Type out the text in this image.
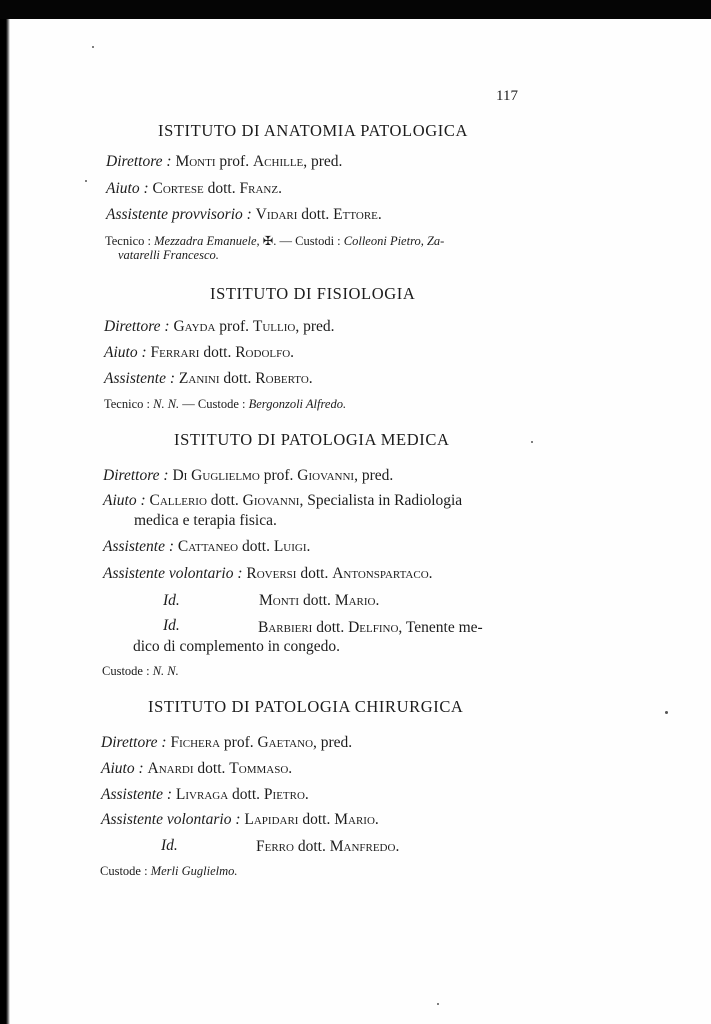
117
ISTITUTO DI ANATOMIA PATOLOGICA
Direttore : Monti prof. Achille, pred.
Aiuto : Cortese dott. Franz.
Assistente provvisorio : Vidari dott. Ettore.
Tecnico : Mezzadra Emanuele, ✠. — Custodi : Colleoni Pietro, Za-
vatarelli Francesco.
ISTITUTO DI FISIOLOGIA
Direttore : Gayda prof. Tullio, pred.
Aiuto : Ferrari dott. Rodolfo.
Assistente : Zanini dott. Roberto.
Tecnico : N. N. — Custode : Bergonzoli Alfredo.
ISTITUTO DI PATOLOGIA MEDICA
Direttore : Di Guglielmo prof. Giovanni, pred.
Aiuto : Callerio dott. Giovanni, Specialista in Radiologia
medica e terapia fisica.
Assistente : Cattaneo dott. Luigi.
Assistente volontario : Roversi dott. Antonspartaco.
Id.	Monti dott. Mario.
Id.	Barbieri dott. Delfino, Tenente me-
dico di complemento in congedo.
Custode : N. N.
ISTITUTO DI PATOLOGIA CHIRURGICA
Direttore : Fichera prof. Gaetano, pred.
Aiuto : Anardi dott. Tommaso.
Assistente : Livraga dott. Pietro.
Assistente volontario : Lapidari dott. Mario.
Id.	Ferro dott. Manfredo.
Custode : Merli Guglielmo.
